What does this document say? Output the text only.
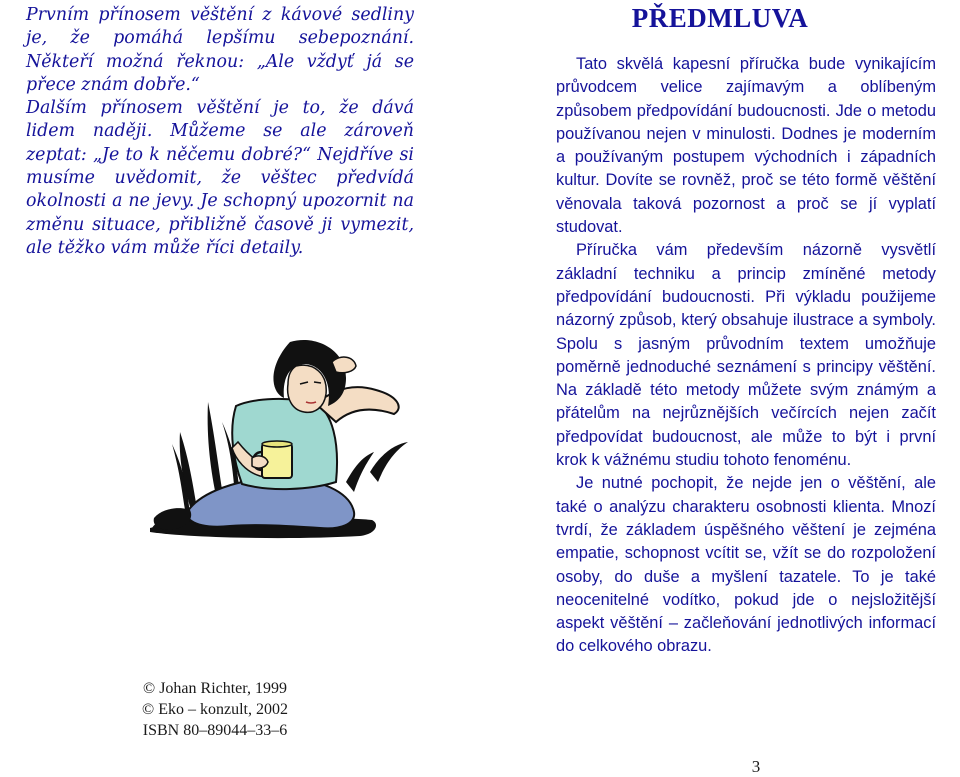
Prvním přínosem věštění z kávové sedliny je, že pomáhá lepšímu sebepoznání. Někteří možná řeknou: „Ale vždyť já se přece znám dobře.“

Dalším přínosem věštění je to, že dává lidem naději. Můžeme se ale zároveň zeptat: „Je to k něčemu dobré?“ Nejdříve si musíme uvědomit, že věštec předvídá okolnosti a ne jevy. Je schopný upozornit na změnu situace, přibližně časově ji vymezit, ale těžko vám může říci detaily.

© Johan Richter, 1999
© Eko – konzult, 2002
ISBN 80–89044–33–6
PŘEDMLUVA

Tato skvělá kapesní příručka bude vynikajícím průvodcem velice zajímavým a oblíbeným způsobem předpovídání budoucnosti. Jde o metodu používanou nejen v minulosti. Dodnes je moderním a používaným postupem východních i západních kultur. Dovíte se rovněž, proč se této formě věštění věnovala taková pozornost a proč se jí vyplatí studovat.

Příručka vám především názorně vysvětlí základní techniku a princip zmíněné metody předpovídání budoucnosti. Při výkladu použijeme názorný způsob, který obsahuje ilustrace a symboly. Spolu s jasným průvodním textem umožňuje poměrně jednoduché seznámení s principy věštění. Na základě této metody můžete svým známým a přátelům na nejrůznějších večírcích nejen začít předpovídat budoucnost, ale může to být i první krok k vážnému studiu tohoto fenoménu.

Je nutné pochopit, že nejde jen o věštění, ale také o analýzu charakteru osobnosti klienta. Mnozí tvrdí, že základem úspěšného věštení je zejména empatie, schopnost vcítit se, vžít se do rozpoložení osoby, do duše a myšlení tazatele. To je také neocenitelné vodítko, pokud jde o nejsložitější aspekt věštění – začleňování jednotlivých informací do celkového obrazu.

3
